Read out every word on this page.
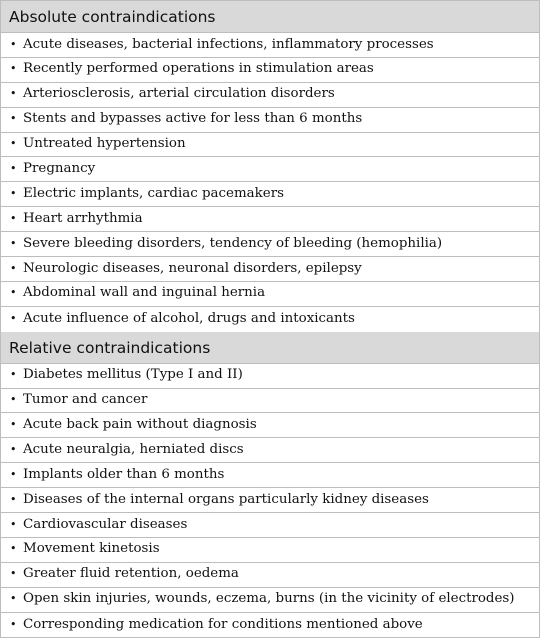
Absolute contraindications
• Acute diseases, bacterial infections, inflammatory processes
• Recently performed operations in stimulation areas
• Arteriosclerosis, arterial circulation disorders
• Stents and bypasses active for less than 6 months
• Untreated hypertension
• Pregnancy
• Electric implants, cardiac pacemakers
• Heart arrhythmia
• Severe bleeding disorders, tendency of bleeding (hemophilia)
• Neurologic diseases, neuronal disorders, epilepsy
• Abdominal wall and inguinal hernia
• Acute influence of alcohol, drugs and intoxicants
Relative contraindications
• Diabetes mellitus (Type I and II)
• Tumor and cancer
• Acute back pain without diagnosis
• Acute neuralgia, herniated discs
• Implants older than 6 months
• Diseases of the internal organs particularly kidney diseases
• Cardiovascular diseases
• Movement kinetosis
• Greater fluid retention, oedema
• Open skin injuries, wounds, eczema, burns (in the vicinity of electrodes)
• Corresponding medication for conditions mentioned above
